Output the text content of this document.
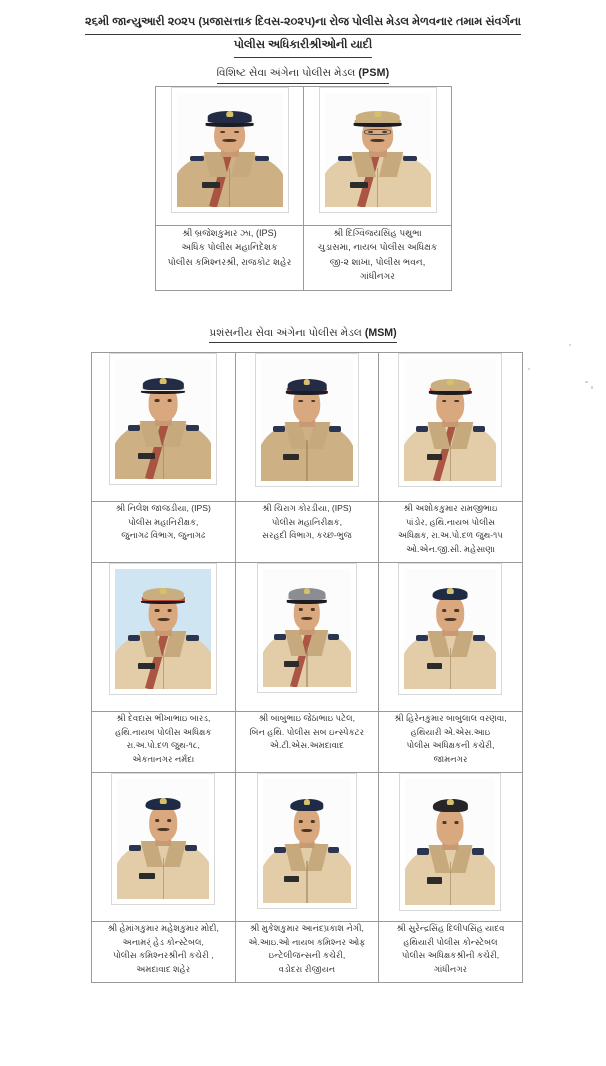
૨૬મી જાન્યુઆરી ૨૦૨૫ (પ્રજાસત્તાક દિવસ-૨૦૨૫)ના રોજ પોલીસ મેડલ મેળવનાર તમામ સંવર્ગના
પોલીસ અધિકારીશ્રીઓની યાદી
વિશિષ્ટ સેવા અંગેના પોલીસ મેડલ (PSM)

શ્રી બ્રજેશકુમાર ઝા, (IPS)
અધિક પોલીસ મહાનિદેશક
પોલીસ કમિશ્નરશ્રી, રાજકોટ શહેર	શ્રી દિગ્વિજયસિંહ પથુભા
ચુડાસમા, નાયબ પોલીસ અધિક્ષક
જી-૨ શાખા, પોલીસ ભવન,
ગાંધીનગર
પ્રશંસનીય સેવા અંગેના પોલીસ મેડલ (MSM)

શ્રી નિલેશ જાજડીયા, (IPS)
પોલીસ મહાનિરીક્ષક,
જુનાગઢ વિભાગ, જુનાગઢ	શ્રી ચિરાગ કોરડીયા, (IPS)
પોલીસ મહાનિરીક્ષક,
સરહદી વિભાગ, કચ્છ-ભુજ	શ્રી અશોકકુમાર રામજીભાઇ
પાંડોર, હથિ.નાયબ પોલીસ
અધિક્ષક, રા.અ.પો.દળ જુથ-૧૫
ઓ.એન.જી.સી. મહેસાણા

શ્રી દેવદાસ ભીખાભાઇ બારડ,
હથિ.નાયબ પોલીસ અધિક્ષક
રા.અ.પો.દળ જુથ-૧૮,
એકતાનગર નર્મદા	શ્રી બાબુભાઇ જેઠાભાઇ પટેલ,
બિન હથિ. પોલીસ સબ ઇન્સ્પેકટર
એ.ટી.એસ.અમદાવાદ	શ્રી હિરેનકુમાર બાબુલાલ વરણવા,
હથિયારી એ.એસ.આઇ
પોલીસ અધિક્ષકની કચેરી,
જામનગર

શ્રી હેમાંગકુમાર મહેશકુમાર મોદી,
અનામર્ં હેડ કોન્સ્ટેબલ,
પોલીસ કમિશ્નરશ્રીની કચેરી ,
અમદાવાદ શહેર	શ્રી મુકેશકુમાર આનંદપ્રકાશ નેગી,
એ.આઇ.ઓ નાયબ કમિશ્નર ઓફ
ઇન્ટેલીજન્સની કચેરી,
વડોદરા રીજીયન	શ્રી સુરેન્દ્રસિંહ દિલીપસિંહ યાદવ
હથિયારી પોલીસ કોન્સ્ટેબલ
પોલીસ અધિક્ષકશ્રીની કચેરી,
ગાંધીનગર
